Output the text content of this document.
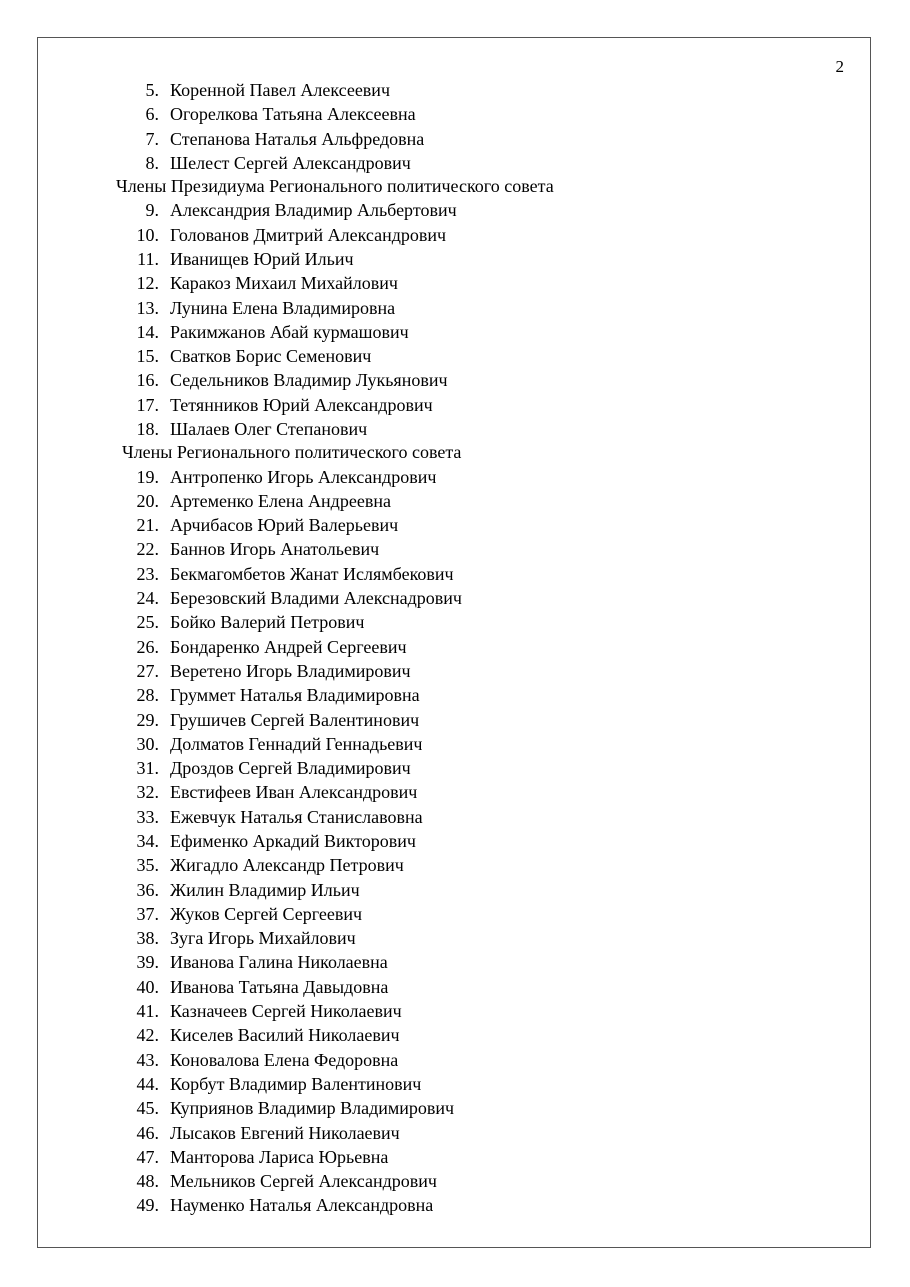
2
5. Коренной Павел Алексеевич
6. Огорелкова Татьяна Алексеевна
7. Степанова Наталья Альфредовна
8. Шелест Сергей Александрович
Члены Президиума Регионального политического совета
9. Александрия Владимир Альбертович
10. Голованов Дмитрий Александрович
11. Иванищев Юрий Ильич
12. Каракоз Михаил Михайлович
13. Лунина Елена Владимировна
14. Ракимжанов Абай курмашович
15. Сватков Борис Семенович
16. Седельников Владимир Лукьянович
17. Тетянников Юрий Александрович
18. Шалаев Олег Степанович
Члены Регионального политического совета
19. Антропенко Игорь Александрович
20. Артеменко Елена Андреевна
21. Арчибасов Юрий Валерьевич
22. Баннов Игорь Анатольевич
23. Бекмагомбетов Жанат Ислямбекович
24. Березовский Владими Алекснадрович
25. Бойко Валерий Петрович
26. Бондаренко Андрей Сергеевич
27. Веретено Игорь Владимирович
28. Груммет Наталья Владимировна
29. Грушичев Сергей Валентинович
30. Долматов Геннадий Геннадьевич
31. Дроздов Сергей Владимирович
32. Евстифеев Иван Александрович
33. Ежевчук Наталья Станиславовна
34. Ефименко Аркадий Викторович
35. Жигадло Александр Петрович
36. Жилин Владимир Ильич
37. Жуков Сергей Сергеевич
38. Зуга Игорь Михайлович
39. Иванова Галина Николаевна
40. Иванова Татьяна Давыдовна
41. Казначеев Сергей Николаевич
42. Киселев Василий Николаевич
43. Коновалова Елена Федоровна
44. Корбут Владимир Валентинович
45. Куприянов Владимир Владимирович
46. Лысаков Евгений Николаевич
47. Манторова Лариса Юрьевна
48. Мельников Сергей Александрович
49. Науменко Наталья Александровна
